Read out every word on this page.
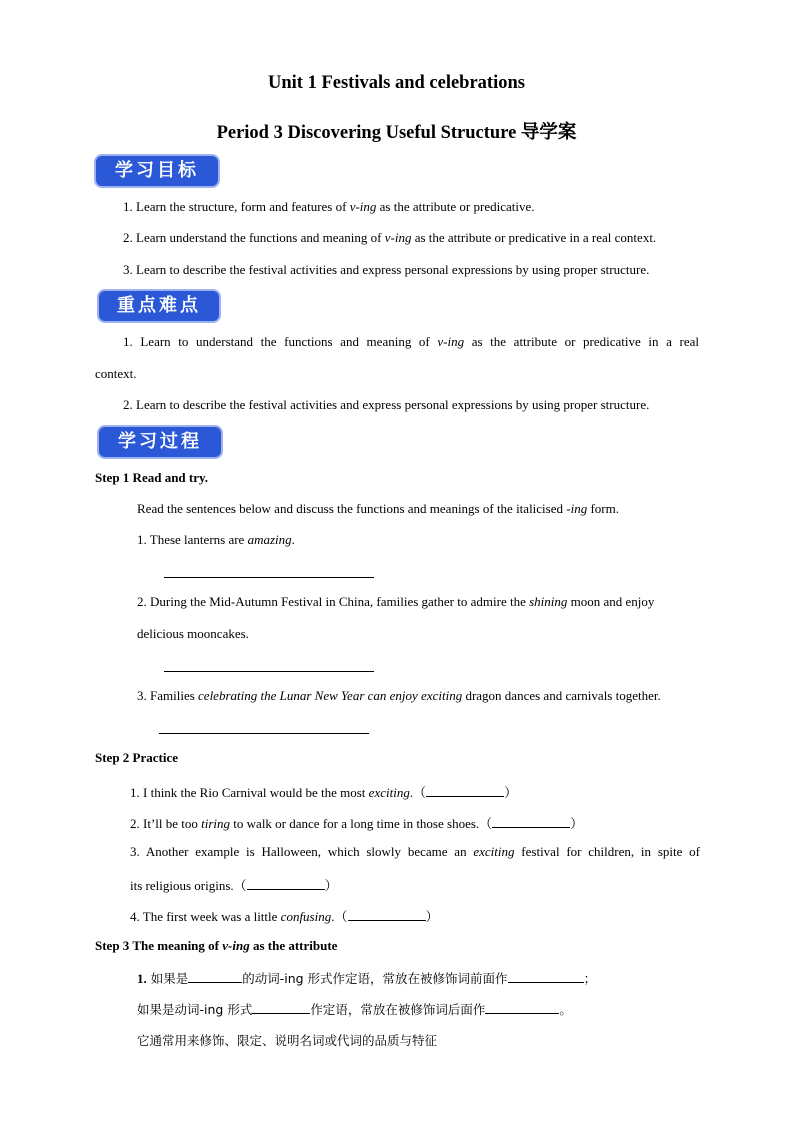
Unit 1 Festivals and celebrations
Period 3 Discovering Useful Structure 导学案
学习目标
1. Learn the structure, form and features of v-ing as the attribute or predicative.
2. Learn understand the functions and meaning of v-ing as the attribute or predicative in a real context.
3. Learn to describe the festival activities and express personal expressions by using proper structure.
重点难点
1. Learn to understand the functions and meaning of v-ing as the attribute or predicative in a real
context.
2. Learn to describe the festival activities and express personal expressions by using proper structure.
学习过程
Step 1 Read and try.
Read the sentences below and discuss the functions and meanings of the italicised -ing form.
1. These lanterns are amazing.
2. During the Mid-Autumn Festival in China, families gather to admire the shining moon and enjoy
delicious mooncakes.
3. Families celebrating the Lunar New Year can enjoy exciting dragon dances and carnivals together.
Step 2 Practice
1. I think the Rio Carnival would be the most exciting.（	）
2. It’ll be too tiring to walk or dance for a long time in those shoes.（	）
3. Another example is Halloween, which slowly became an exciting festival for children, in spite of
its religious origins.（	）
4. The first week was a little confusing.（	）
Step 3 The meaning of v-ing as the attribute
1. 如果是	的动词-ing 形式作定语，常放在被修饰词前面作	；
如果是动词-ing 形式	作定语，常放在被修饰词后面作	。
它通常用来修饰、限定、说明名词或代词的品质与特征
